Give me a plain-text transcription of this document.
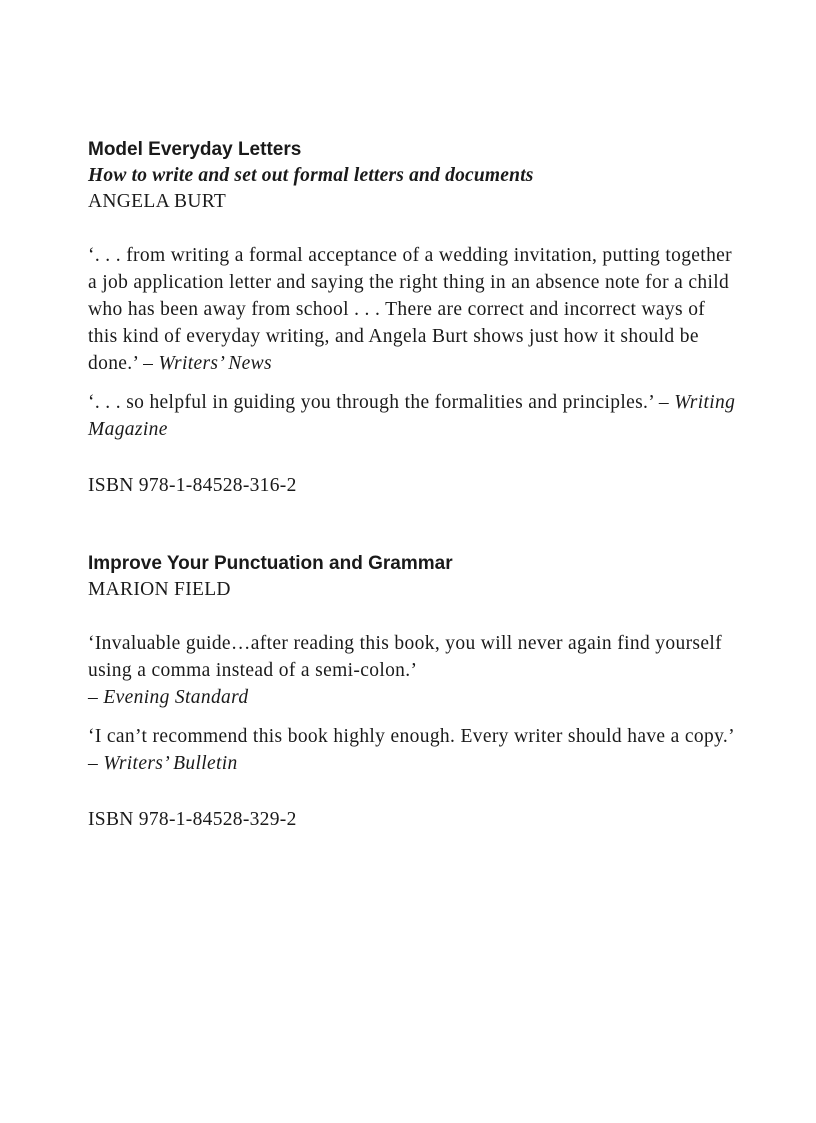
Model Everyday Letters

How to write and set out formal letters and documents

ANGELA BURT

‘. . . from writing a formal acceptance of a wedding invitation, putting together a job application letter and saying the right thing in an absence note for a child who has been away from school . . . There are correct and incorrect ways of this kind of everyday writing, and Angela Burt shows just how it should be done.’ – Writers’ News

‘. . . so helpful in guiding you through the formalities and principles.’ – Writing Magazine

ISBN 978-1-84528-316-2

Improve Your Punctuation and Grammar

MARION FIELD

‘Invaluable guide…after reading this book, you will never again find yourself using a comma instead of a semi-colon.’
– Evening Standard

‘I can’t recommend this book highly enough. Every writer should have a copy.’ – Writers’ Bulletin

ISBN 978-1-84528-329-2
